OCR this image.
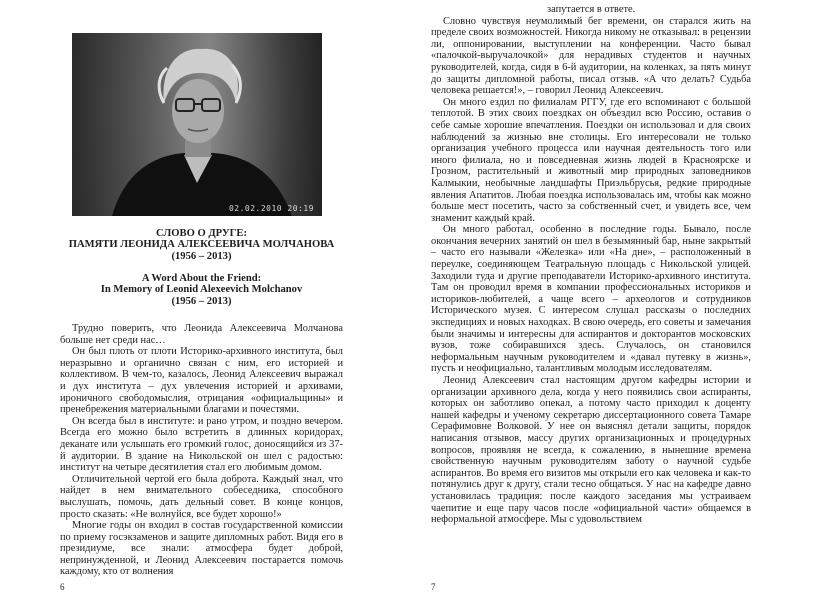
02.02.2010 20:19
СЛОВО О ДРУГЕ:
ПАМЯТИ ЛЕОНИДА АЛЕКСЕЕВИЧА МОЛЧАНОВА
(1956 – 2013)
A Word About the Friend:
In Memory of Leonid Alexeevich Molchanov
(1956 – 2013)

Трудно поверить, что Леонида Алексеевича Молчанова больше нет среди нас…

Он был плоть от плоти Историко-архивного института, был неразрывно и органично связан с ним, его историей и коллективом. В чем-то, казалось, Леонид Алексеевич выражал и дух института – дух увлечения историей и архивами, ироничного свободомыслия, отрицания «официальщины» и пренебрежения материальными благами и почестями.

Он всегда был в институте: и рано утром, и поздно вечером. Всегда его можно было встретить в длинных коридорах, деканате или услышать его громкий голос, доносящийся из 37-й аудитории. В здание на Никольской он шел с радостью: институт на четыре десятилетия стал его любимым домом.

Отличительной чертой его была доброта. Каждый знал, что найдет в нем внимательного собеседника, способного выслушать, помочь, дать дельный совет. В конце концов, просто сказать: «Не волнуйся, все будет хорошо!»

Многие годы он входил в состав государственной комиссии по приему госэкзаменов и защите дипломных работ. Видя его в президиуме, все знали: атмосфера будет доброй, непринужденной, и Леонид Алексеевич постарается помочь каждому, кто от волнения

6

запутается в ответе.

Словно чувствуя неумолимый бег времени, он старался жить на пределе своих возможностей. Никогда никому не отказывал: в рецензии ли, оппонировании, выступлении на конференции. Часто бывал «палочкой-выручалочкой» для нерадивых студентов и научных руководителей, когда, сидя в 6-й аудитории, на коленках, за пять минут до защиты дипломной работы, писал отзыв. «А что делать? Судьба человека решается!», – говорил Леонид Алексеевич.

Он много ездил по филиалам РГГУ, где его вспоминают с большой теплотой. В этих своих поездках он объездил всю Россию, оставив о себе самые хорошие впечатления. Поездки он использовал и для своих наблюдений за жизнью вне столицы. Его интересовали не только организация учебного процесса или научная деятельность того или иного филиала, но и повседневная жизнь людей в Красноярске и Грозном, растительный и животный мир природных заповедников Калмыкии, необычные ландшафты Приэльбрусья, редкие природные явления Апатитов. Любая поездка использовалась им, чтобы как можно больше мест посетить, часто за собственный счет, и увидеть все, чем знаменит каждый край.

Он много работал, особенно в последние годы. Бывало, после окончания вечерних занятий он шел в безымянный бар, ныне закрытый – часто его называли «Железка» или «На дне», – расположенный в переулке, соединяющем Театральную площадь с Никольской улицей. Заходили туда и другие преподаватели Историко-архивного института. Там он проводил время в компании профессиональных историков и историков-любителей, а чаще всего – археологов и сотрудников Исторического музея. С интересом слушал рассказы о последних экспедициях и новых находках. В свою очередь, его советы и замечания были значимы и интересны для аспирантов и докторантов московских вузов, тоже собиравшихся здесь. Случалось, он становился неформальным научным руководителем и «давал путевку в жизнь», пусть и неофициально, талантливым молодым исследователям.

Леонид Алексеевич стал настоящим другом кафедры истории и организации архивного дела, когда у него появились свои аспиранты, которых он заботливо опекал, а потому часто приходил к доценту нашей кафедры и ученому секретарю диссертационного совета Тамаре Серафимовне Волковой. У нее он выяснял детали защиты, порядок написания отзывов, массу других организационных и процедурных вопросов, проявляя не всегда, к сожалению, в нынешние времена свойственную научным руководителям заботу о научной судьбе аспирантов. Во время его визитов мы открыли его как человека и как-то потянулись друг к другу, стали тесно общаться. У нас на кафедре давно установилась традиция: после каждого заседания мы устраиваем чаепитие и еще пару часов после «официальной части» общаемся в неформальной атмосфере. Мы с удовольствием

7
